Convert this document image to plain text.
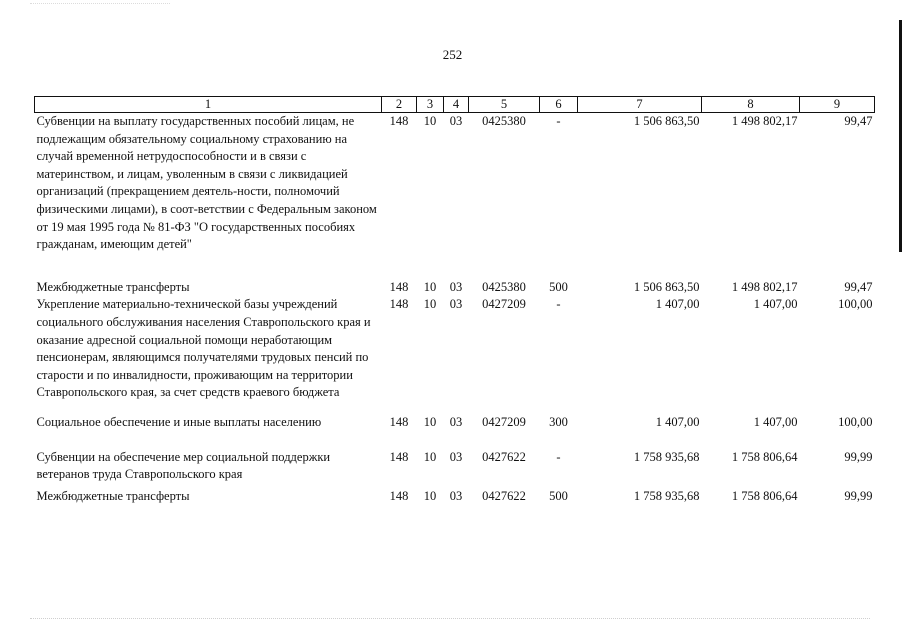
252
1	2	3	4	5	6	7	8	9
Субвенции на выплату государственных пособий лицам, не подлежащим обязательному социальному страхованию на случай временной нетрудоспособности и в связи с материнством, и лицам, уволенным в связи с ликвидацией организаций (прекращением деятель-ности, полномочий физическими лицами), в соот-ветствии с Федеральным законом от 19 мая 1995 года № 81-ФЗ "О государственных пособиях гражданам, имеющим детей"	148	10	03	0425380	-	1 506 863,50	1 498 802,17	99,47
Межбюджетные трансферты	148	10	03	0425380	500	1 506 863,50	1 498 802,17	99,47
Укрепление материально-технической базы учреждений социального обслуживания населения Ставропольского края и оказание адресной социальной помощи неработающим пенсионерам, являющимся получателями трудовых пенсий по старости и по инвалидности, проживающим на территории Ставропольского края, за счет средств краевого бюджета	148	10	03	0427209	-	1 407,00	1 407,00	100,00
Социальное обеспечение и иные выплаты населению	148	10	03	0427209	300	1 407,00	1 407,00	100,00
Субвенции на обеспечение мер социальной поддержки ветеранов труда Ставропольского края	148	10	03	0427622	-	1 758 935,68	1 758 806,64	99,99
Межбюджетные трансферты	148	10	03	0427622	500	1 758 935,68	1 758 806,64	99,99
